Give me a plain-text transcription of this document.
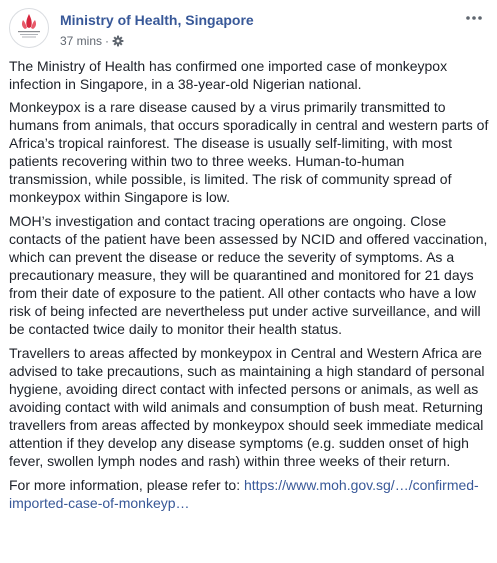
Ministry of Health, Singapore
37 mins ·

The Ministry of Health has confirmed one imported case of monkeypox infection in Singapore, in a 38-year-old Nigerian national.

Monkeypox is a rare disease caused by a virus primarily transmitted to humans from animals, that occurs sporadically in central and western parts of Africa’s tropical rainforest. The disease is usually self-limiting, with most patients recovering within two to three weeks. Human-to-human transmission, while possible, is limited. The risk of community spread of monkeypox within Singapore is low.

MOH’s investigation and contact tracing operations are ongoing. Close contacts of the patient have been assessed by NCID and offered vaccination, which can prevent the disease or reduce the severity of symptoms. As a precautionary measure, they will be quarantined and monitored for 21 days from their date of exposure to the patient. All other contacts who have a low risk of being infected are nevertheless put under active surveillance, and will be contacted twice daily to monitor their health status.

Travellers to areas affected by monkeypox in Central and Western Africa are advised to take precautions, such as maintaining a high standard of personal hygiene, avoiding direct contact with infected persons or animals, as well as avoiding contact with wild animals and consumption of bush meat. Returning travellers from areas affected by monkeypox should seek immediate medical attention if they develop any disease symptoms (e.g. sudden onset of high fever, swollen lymph nodes and rash) within three weeks of their return.

For more information, please refer to: https://www.moh.gov.sg/…/confirmed-imported-case-of-monkeyp…
